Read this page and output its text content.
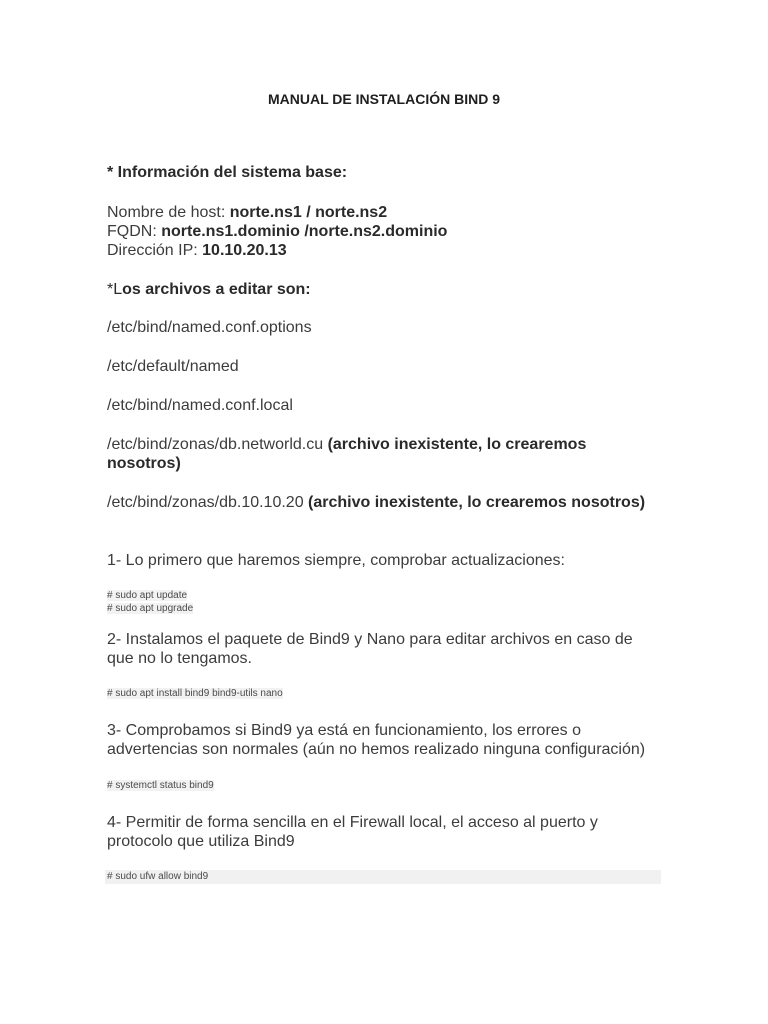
MANUAL DE INSTALACIÓN BIND 9
* Información del sistema base:
Nombre de host: norte.ns1 / norte.ns2
FQDN: norte.ns1.dominio /norte.ns2.dominio
Dirección IP: 10.10.20.13
*Los archivos a editar son:
/etc/bind/named.conf.options
/etc/default/named
/etc/bind/named.conf.local
/etc/bind/zonas/db.networld.cu (archivo inexistente, lo crearemos nosotros)
/etc/bind/zonas/db.10.10.20 (archivo inexistente, lo crearemos nosotros)
1- Lo primero que haremos siempre, comprobar actualizaciones:
# sudo apt update
# sudo apt upgrade
2- Instalamos el paquete de Bind9 y Nano para editar archivos en caso de que no lo tengamos.
# sudo apt install bind9 bind9-utils nano
3- Comprobamos si Bind9 ya está en funcionamiento, los errores o advertencias son normales (aún no hemos realizado ninguna configuración)
# systemctl status bind9
4- Permitir de forma sencilla en el Firewall local, el acceso al puerto y protocolo que utiliza Bind9
# sudo ufw allow bind9
